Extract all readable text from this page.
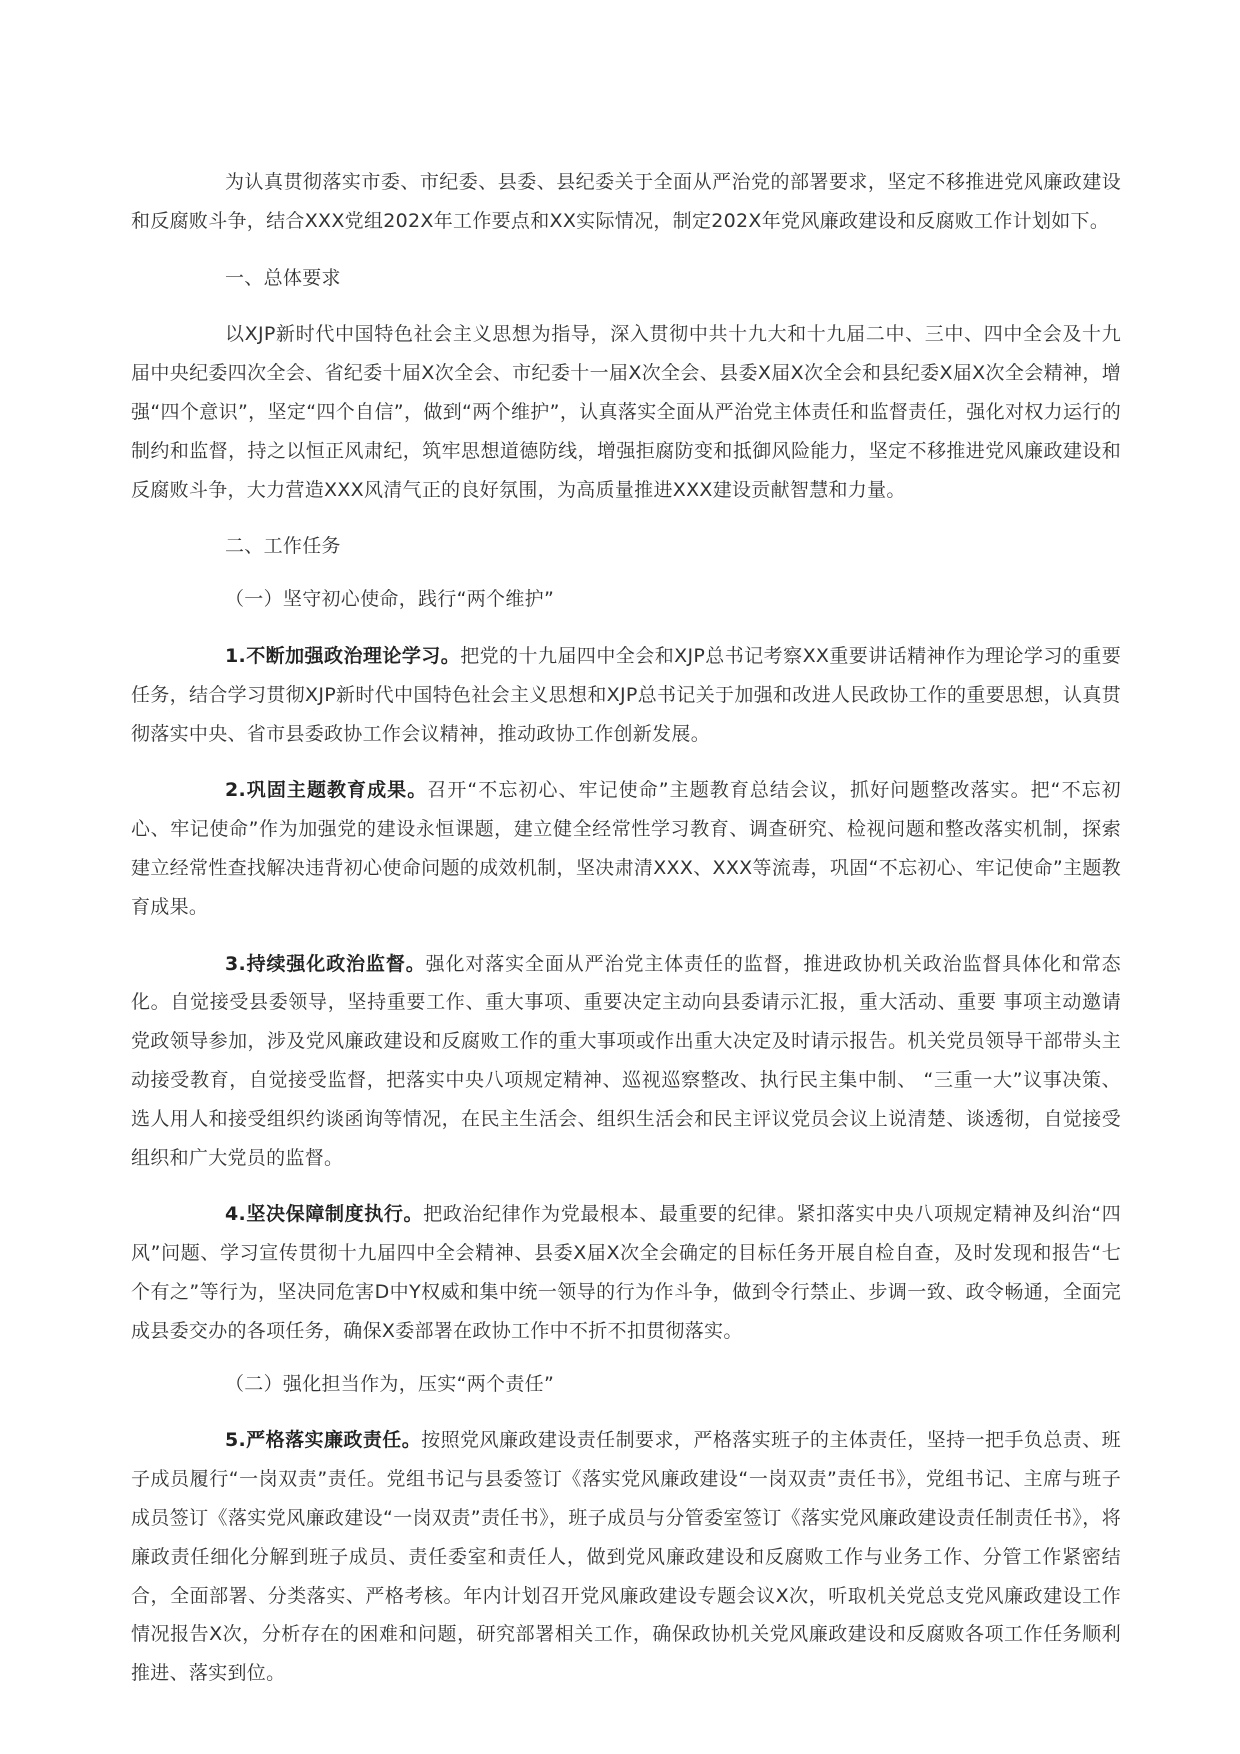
为认真贯彻落实市委、市纪委、县委、县纪委关于全面从严治党的部署要求，坚定不移推进党风廉政建设和反腐败斗争，结合XXX党组202X年工作要点和XX实际情况，制定202X年党风廉政建设和反腐败工作计划如下。

一、总体要求

以XJP新时代中国特色社会主义思想为指导，深入贯彻中共十九大和十九届二中、三中、四中全会及十九届中央纪委四次全会、省纪委十届X次全会、市纪委十一届X次全会、县委X届X次全会和县纪委X届X次全会精神，增强“四个意识”，坚定“四个自信”，做到“两个维护”，认真落实全面从严治党主体责任和监督责任，强化对权力运行的制约和监督，持之以恒正风肃纪，筑牢思想道德防线，增强拒腐防变和抵御风险能力，坚定不移推进党风廉政建设和反腐败斗争，大力营造XXX风清气正的良好氛围，为高质量推进XXX建设贡献智慧和力量。

二、工作任务

（一）坚守初心使命，践行“两个维护”

1.不断加强政治理论学习。把党的十九届四中全会和XJP总书记考察XX重要讲话精神作为理论学习的重要任务，结合学习贯彻XJP新时代中国特色社会主义思想和XJP总书记关于加强和改进人民政协工作的重要思想，认真贯彻落实中央、省市县委政协工作会议精神，推动政协工作创新发展。

2.巩固主题教育成果。召开“不忘初心、牢记使命”主题教育总结会议，抓好问题整改落实。把“不忘初心、牢记使命”作为加强党的建设永恒课题，建立健全经常性学习教育、调查研究、检视问题和整改落实机制，探索建立经常性查找解决违背初心使命问题的成效机制，坚决肃清XXX、XXX等流毒，巩固“不忘初心、牢记使命”主题教育成果。

3.持续强化政治监督。强化对落实全面从严治党主体责任的监督，推进政协机关政治监督具体化和常态化。自觉接受县委领导，坚持重要工作、重大事项、重要决定主动向县委请示汇报，重大活动、重要 事项主动邀请党政领导参加，涉及党风廉政建设和反腐败工作的重大事项或作出重大决定及时请示报告。机关党员领导干部带头主动接受教育，自觉接受监督，把落实中央八项规定精神、巡视巡察整改、执行民主集中制、 “三重一大”议事决策、选人用人和接受组织约谈函询等情况，在民主生活会、组织生活会和民主评议党员会议上说清楚、谈透彻，自觉接受组织和广大党员的监督。

4.坚决保障制度执行。把政治纪律作为党最根本、最重要的纪律。紧扣落实中央八项规定精神及纠治“四风”问题、学习宣传贯彻十九届四中全会精神、县委X届X次全会确定的目标任务开展自检自查，及时发现和报告“七个有之”等行为，坚决同危害D中Y权威和集中统一领导的行为作斗争，做到令行禁止、步调一致、政令畅通，全面完成县委交办的各项任务，确保X委部署在政协工作中不折不扣贯彻落实。

（二）强化担当作为，压实“两个责任”

5.严格落实廉政责任。按照党风廉政建设责任制要求，严格落实班子的主体责任，坚持一把手负总责、班子成员履行“一岗双责”责任。党组书记与县委签订《落实党风廉政建设“一岗双责”责任书》，党组书记、主席与班子成员签订《落实党风廉政建设“一岗双责”责任书》，班子成员与分管委室签订《落实党风廉政建设责任制责任书》，将廉政责任细化分解到班子成员、责任委室和责任人，做到党风廉政建设和反腐败工作与业务工作、分管工作紧密结合，全面部署、分类落实、严格考核。年内计划召开党风廉政建设专题会议X次，听取机关党总支党风廉政建设工作情况报告X次，分析存在的困难和问题，研究部署相关工作，确保政协机关党风廉政建设和反腐败各项工作任务顺利推进、落实到位。
